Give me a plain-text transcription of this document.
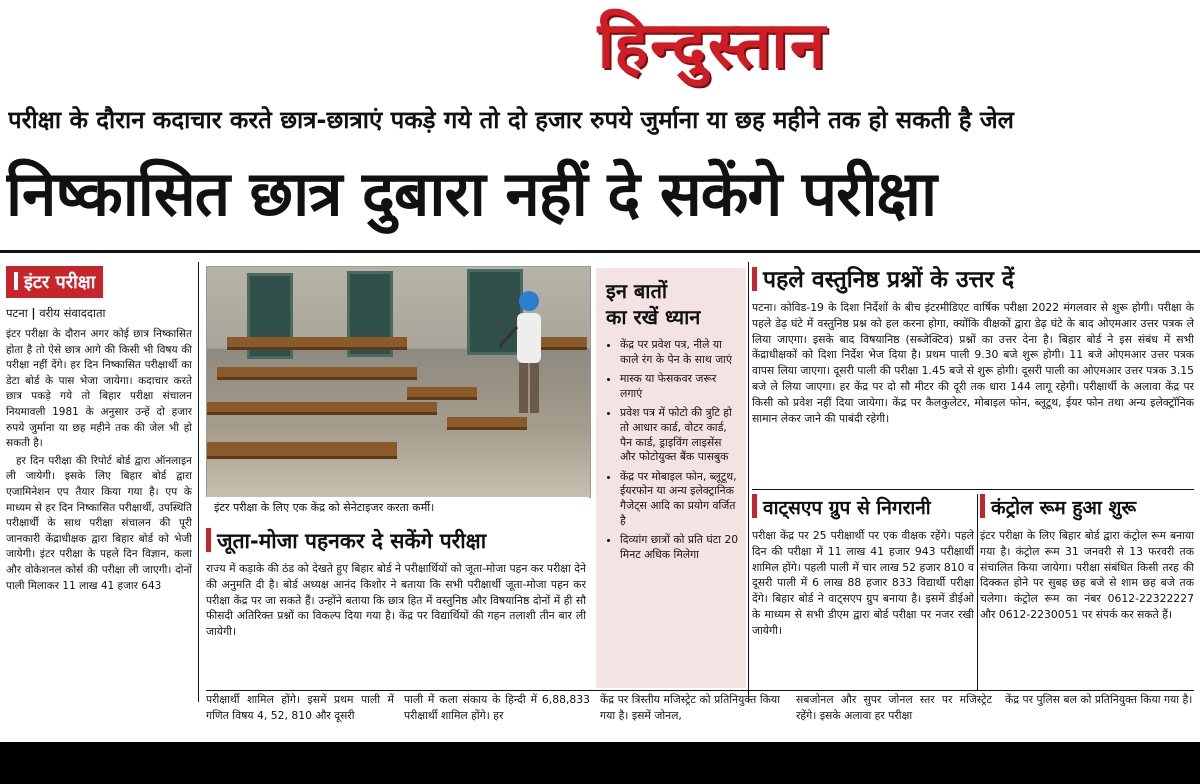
हिन्दुस्तान
परीक्षा के दौरान कदाचार करते छात्र-छात्राएं पकड़े गये तो दो हजार रुपये जुर्माना या छह महीने तक हो सकती है जेल
निष्कासित छात्र दुबारा नहीं दे सकेंगे परीक्षा
इंटर परीक्षा
पटना | वरीय संवाददाता

इंटर परीक्षा के दौरान अगर कोई छात्र निष्कासित होता है तो ऐसे छात्र आगे की किसी भी विषय की परीक्षा नहीं देंगे। हर दिन निष्कासित परीक्षार्थी का डेटा बोर्ड के पास भेजा जायेगा। कदाचार करते छात्र पकड़े गये तो बिहार परीक्षा संचालन नियमावली 1981 के अनुसार उन्हें दो हजार रुपये जुर्माना या छह महीने तक की जेल भी हो सकती है।

हर दिन परीक्षा की रिपोर्ट बोर्ड द्वारा ऑनलाइन ली जायेगी। इसके लिए बिहार बोर्ड द्वारा एजामिनेशन एप तैयार किया गया है। एप के माध्यम से हर दिन निष्कासित परीक्षार्थी, उपस्थिति परीक्षार्थी के साथ परीक्षा संचालन की पूरी जानकारी केंद्राधीक्षक द्वारा बिहार बोर्ड को भेजी जायेगी। इंटर परीक्षा के पहले दिन विज्ञान, कला और वोकेशनल कोर्स की परीक्षा ली जाएगी। दोनों पाली मिलाकर 11 लाख 41 हजार 643

इंटर परीक्षा के लिए एक केंद्र को सेनेटाइजर करता कर्मी।
जूता-मोजा पहनकर दे सकेंगे परीक्षा
राज्य में कड़ाके की ठंड को देखते हुए बिहार बोर्ड ने परीक्षार्थियों को जूता-मोजा पहन कर परीक्षा देने की अनुमति दी है। बोर्ड अध्यक्ष आनंद किशोर ने बताया कि सभी परीक्षार्थी जूता-मोजा पहन कर परीक्षा केंद्र पर जा सकते हैं। उन्होंने बताया कि छात्र हित में वस्तुनिष्ठ और विषयानिष्ठ दोनों में ही सौ फीसदी अतिरिक्त प्रश्नों का विकल्प दिया गया है। केंद्र पर विद्यार्थियों की गहन तलाशी तीन बार ली जायेगी।
इन बातों
का रखें ध्यान
• केंद्र पर प्रवेश पत्र, नीले या काले रंग के पेन के साथ जाएं
• मास्क या फेसकवर जरूर लगाएं
• प्रवेश पत्र में फोटो की त्रुटि हो तो आधार कार्ड, वोटर कार्ड, पैन कार्ड, ड्राइविंग लाइसेंस और फोटोयुक्त बैंक पासबुक
• केंद्र पर मोबाइल फोन, ब्लूटूथ, ईयरफोन या अन्य इलेक्ट्रानिक गैजेट्स आदि का प्रयोग वर्जित है
• दिव्यांग छात्रों को प्रति घंटा 20 मिनट अधिक मिलेगा
पहले वस्तुनिष्ठ प्रश्नों के उत्तर दें
पटना। कोविड-19 के दिशा निर्देशों के बीच इंटरमीडिएट वार्षिक परीक्षा 2022 मंगलवार से शुरू होगी। परीक्षा के पहले डेढ़ घंटे में वस्तुनिष्ठ प्रश्न को हल करना होगा, क्योंकि वीक्षकों द्वारा डेढ़ घंटे के बाद ओएमआर उत्तर पत्रक ले लिया जाएगा। इसके बाद विषयानिष्ठ (सब्जेक्टिव) प्रश्नों का उत्तर देना है। बिहार बोर्ड ने इस संबंध में सभी केंद्राधीक्षकों को दिशा निर्देश भेज दिया है। प्रथम पाली 9.30 बजे शुरू होगी। 11 बजे ओएमआर उत्तर पत्रक वापस लिया जाएगा। दूसरी पाली की परीक्षा 1.45 बजे से शुरू होगी। दूसरी पाली का ओएमआर उत्तर पत्रक 3.15 बजे ले लिया जाएगा। हर केंद्र पर दो सौ मीटर की दूरी तक धारा 144 लागू रहेगी। परीक्षार्थी के अलावा केंद्र पर किसी को प्रवेश नहीं दिया जायेगा। केंद्र पर कैलकुलेटर, मोबाइल फोन, ब्लूटूथ, ईयर फोन तथा अन्य इलेक्ट्रॉनिक सामान लेकर जाने की पाबंदी रहेगी।
वाट्सएप ग्रुप से निगरानी
परीक्षा केंद्र पर 25 परीक्षार्थी पर एक वीक्षक रहेंगे। पहले दिन की परीक्षा में 11 लाख 41 हजार 943 परीक्षार्थी शामिल होंगे। पहली पाली में चार लाख 52 हजार 810 व दूसरी पाली में 6 लाख 88 हजार 833 विद्यार्थी परीक्षा देंगे। बिहार बोर्ड ने वाट्सएप ग्रुप बनाया है। इसमें डीईओ के माध्यम से सभी डीएम द्वारा बोर्ड परीक्षा पर नजर रखी जायेगी।
कंट्रोल रूम हुआ शुरू
इंटर परीक्षा के लिए बिहार बोर्ड द्वारा कंट्रोल रूम बनाया गया है। कंट्रोल रूम 31 जनवरी से 13 फरवरी तक संचालित किया जायेगा। परीक्षा संबंधित किसी तरह की दिक्कत होने पर सुबह छह बजे से शाम छह बजे तक चलेगा। कंट्रोल रूम का नंबर 0612-22322227 और 0612-2230051 पर संपर्क कर सकते हैं।
परीक्षार्थी शामिल होंगे। इसमें प्रथम पाली में गणित विषय 4, 52, 810 और दूसरी
पाली में कला संकाय के हिन्दी में 6,88,833 परीक्षार्थी शामिल होंगे। हर
केंद्र पर त्रिस्तीय मजिस्ट्रेट को प्रतिनियुक्त किया गया है। इसमें जोनल,
सबजोनल और सुपर जोनल स्तर पर मजिस्ट्रेट रहेंगे। इसके अलावा हर परीक्षा
केंद्र पर पुलिस बल को प्रतिनियुक्त किया गया है।
